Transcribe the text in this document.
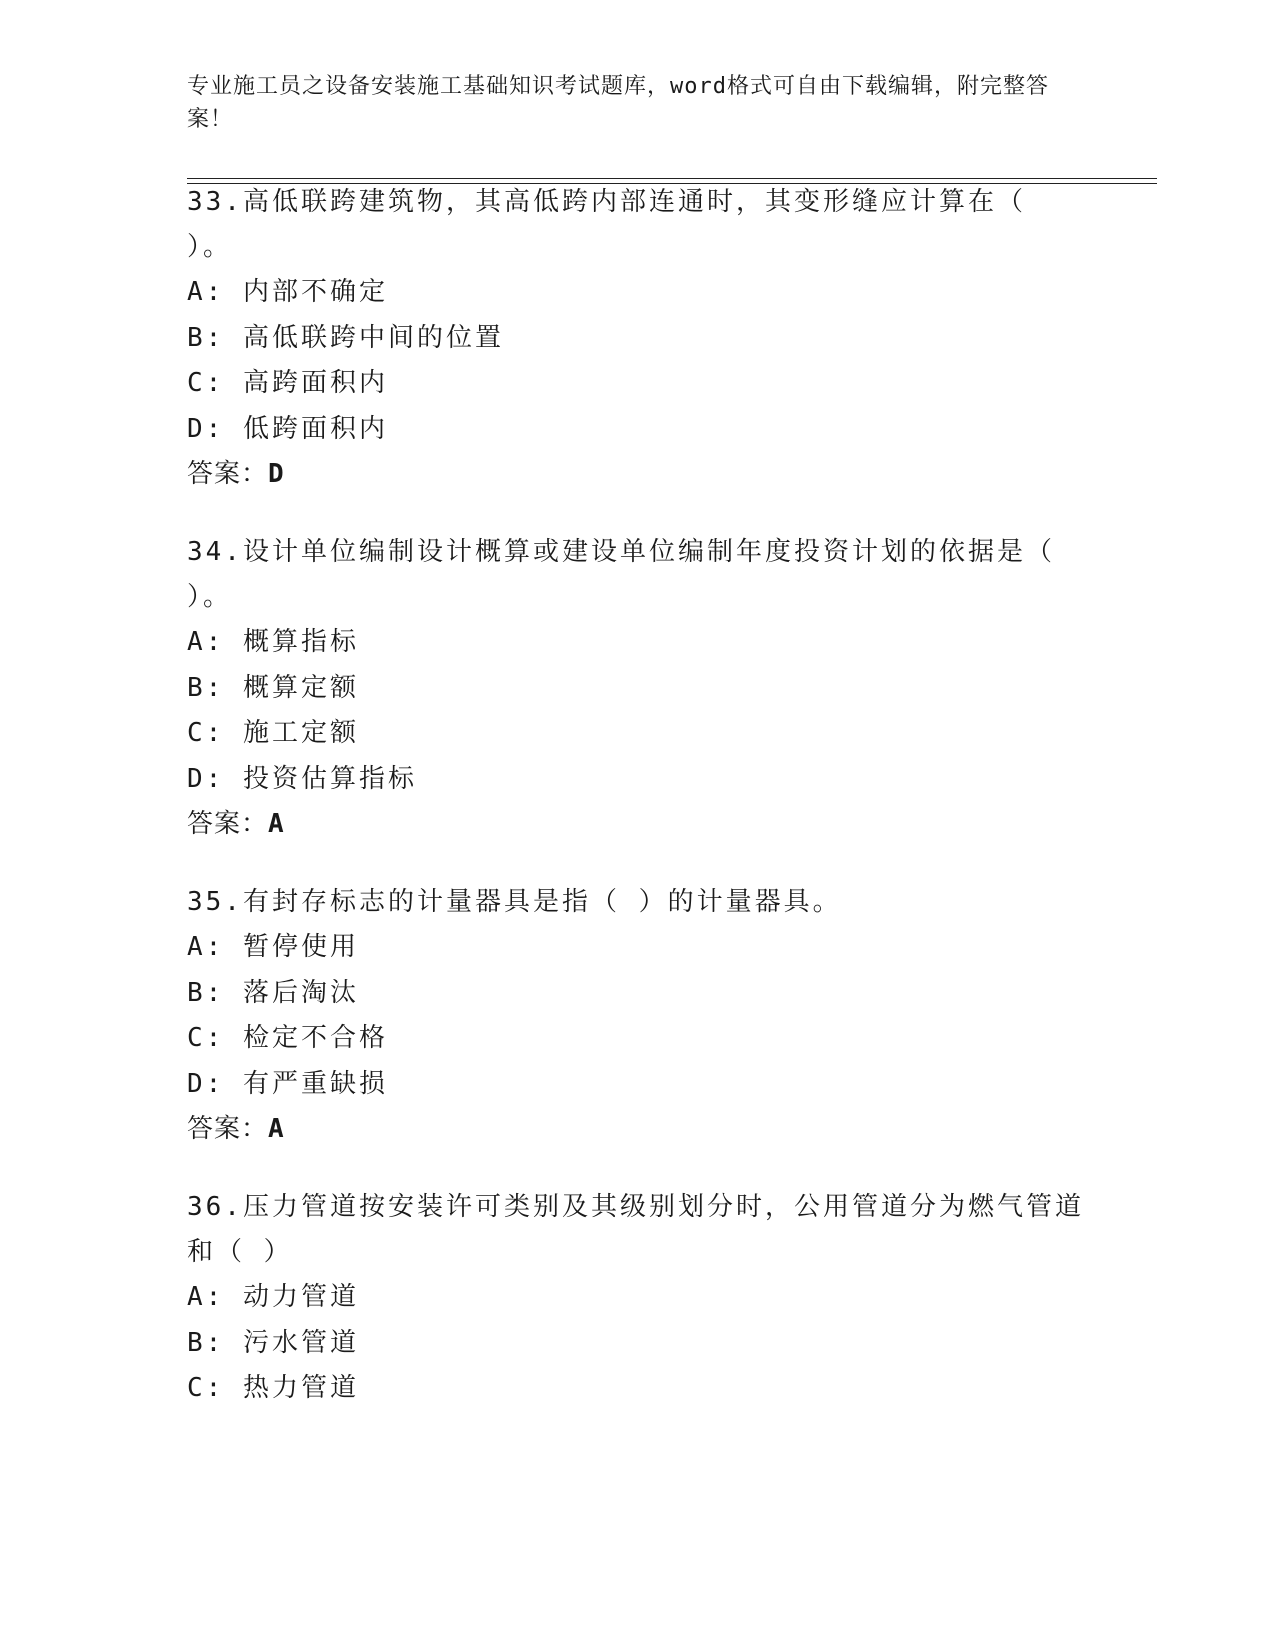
专业施工员之设备安装施工基础知识考试题库，word格式可自由下载编辑，附完整答案！

33.高低联跨建筑物，其高低跨内部连通时，其变形缝应计算在（ ）。

A: 内部不确定

B: 高低联跨中间的位置

C: 高跨面积内

D: 低跨面积内

答案：D

34.设计单位编制设计概算或建设单位编制年度投资计划的依据是（ ）。

A: 概算指标

B: 概算定额

C: 施工定额

D: 投资估算指标

答案：A

35.有封存标志的计量器具是指（ ）的计量器具。

A: 暂停使用

B: 落后淘汰

C: 检定不合格

D: 有严重缺损

答案：A

36.压力管道按安装许可类别及其级别划分时，公用管道分为燃气管道和（ ）

A: 动力管道

B: 污水管道

C: 热力管道
